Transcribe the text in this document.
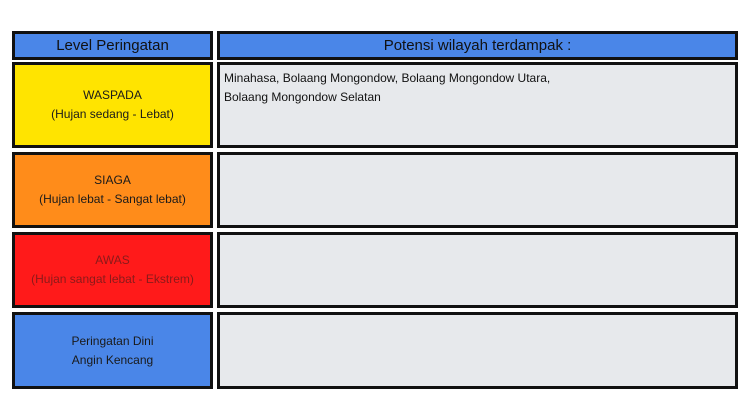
Level Peringatan	Potensi wilayah terdampak :
WASPADA
(Hujan sedang - Lebat)
Minahasa, Bolaang Mongondow, Bolaang Mongondow Utara,
Bolaang Mongondow Selatan
SIAGA
(Hujan lebat - Sangat lebat)
AWAS
(Hujan sangat lebat - Ekstrem)
Peringatan Dini
Angin Kencang
